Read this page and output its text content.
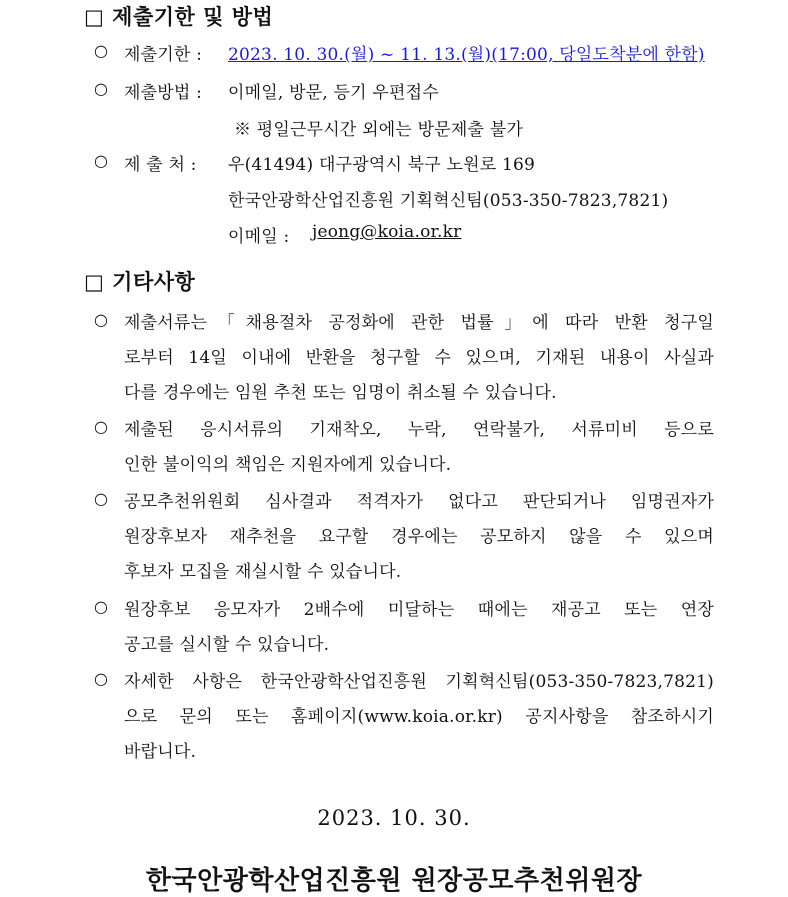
□ 제출기한 및 방법
○ 제출기한 : 2023. 10. 30.(월) ~ 11. 13.(월)(17:00, 당일도착분에 한함)
○ 제출방법 : 이메일, 방문, 등기 우편접수
※ 평일근무시간 외에는 방문제출 불가
○ 제 출 처 : 우(41494) 대구광역시 북구 노원로 169
한국안광학산업진흥원 기획혁신팀(053-350-7823,7821)
이메일 : jeong@koia.or.kr
□ 기타사항
○ 제출서류는「채용절차 공정화에 관한 법률」에 따라 반환 청구일
로부터 14일 이내에 반환을 청구할 수 있으며, 기재된 내용이 사실과
다를 경우에는 임원 추천 또는 임명이 취소될 수 있습니다.
○ 제출된 응시서류의 기재착오, 누락, 연락불가, 서류미비 등으로
인한 불이익의 책임은 지원자에게 있습니다.
○ 공모추천위원회 심사결과 적격자가 없다고 판단되거나 임명권자가
원장후보자 재추천을 요구할 경우에는 공모하지 않을 수 있으며
후보자 모집을 재실시할 수 있습니다.
○ 원장후보 응모자가 2배수에 미달하는 때에는 재공고 또는 연장
공고를 실시할 수 있습니다.
○ 자세한 사항은 한국안광학산업진흥원 기획혁신팀(053-350-7823,7821)
으로 문의 또는 홈페이지(www.koia.or.kr) 공지사항을 참조하시기
바랍니다.
2023. 10. 30.
한국안광학산업진흥원 원장공모추천위원장
